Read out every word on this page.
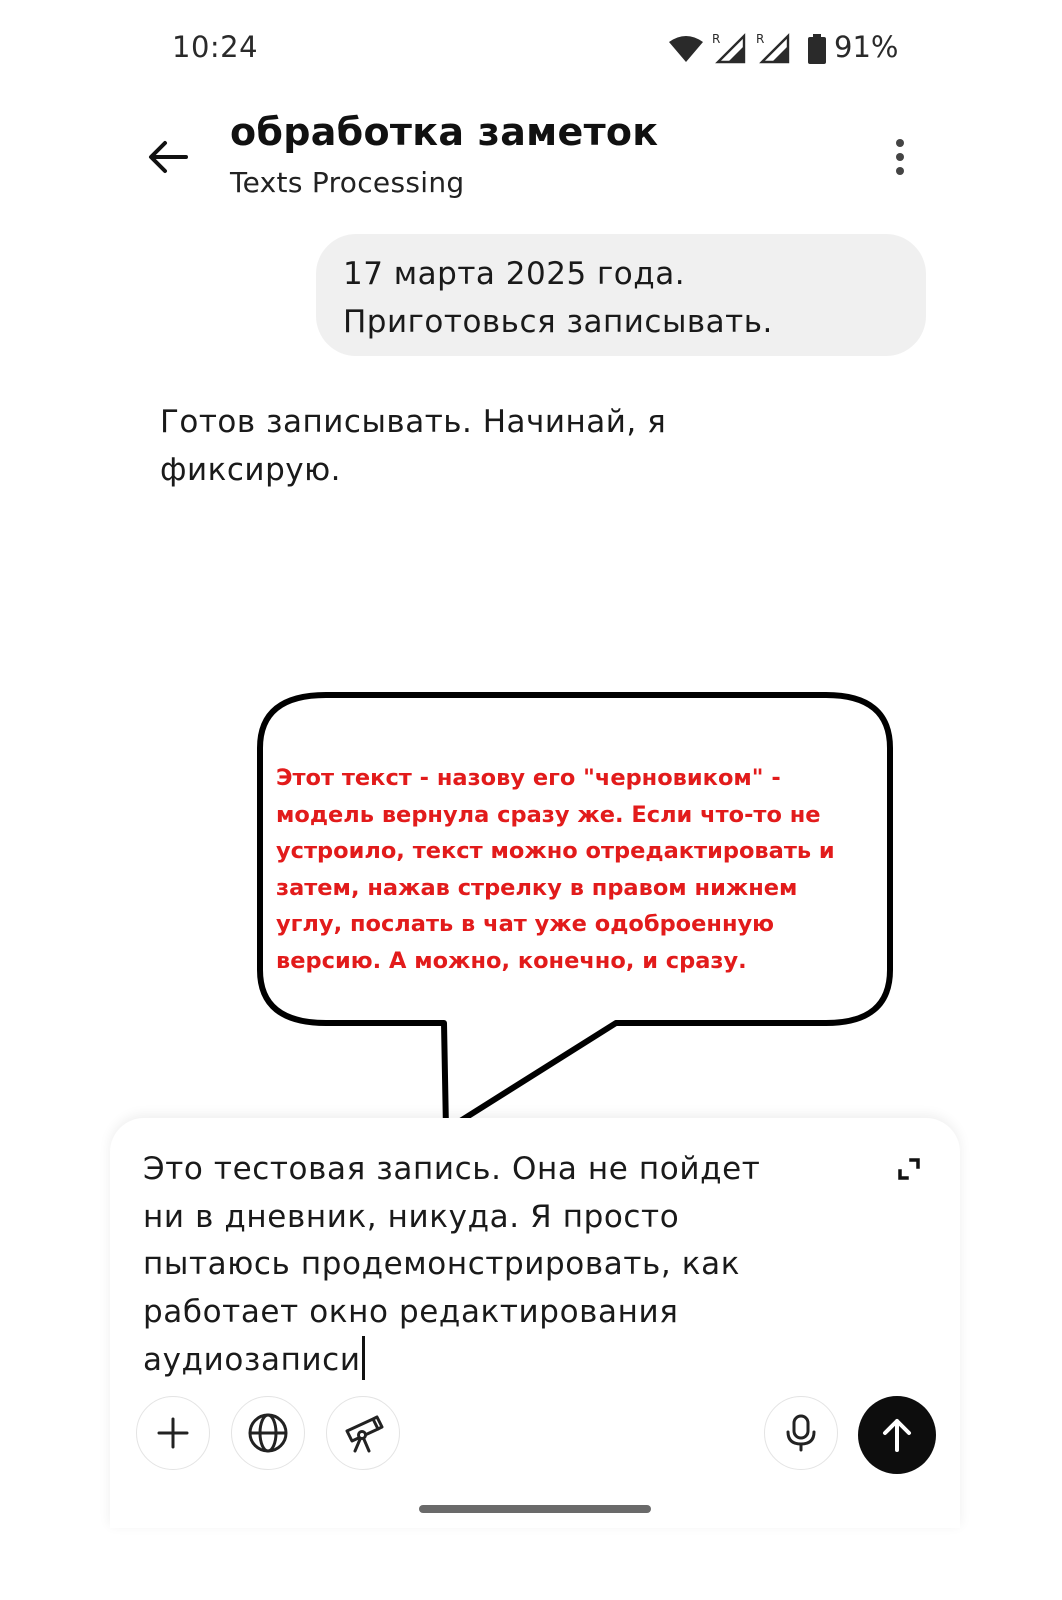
10:24	R	R 91%
обработка заметок
Texts Processing
17 марта 2025 года.
Приготовься записывать.
Готов записывать. Начинай, я
фиксирую.
Этот текст - назову его "черновиком" -
модель вернула сразу же. Если что-то не
устроило, текст можно отредактировать и
затем, нажав стрелку в правом нижнем
углу, послать в чат уже одоброенную
версию. А можно, конечно, и сразу.
Это тестовая запись. Она не пойдет
ни в дневник, никуда. Я просто
пытаюсь продемонстрировать, как
работает окно редактирования
аудиозаписи
